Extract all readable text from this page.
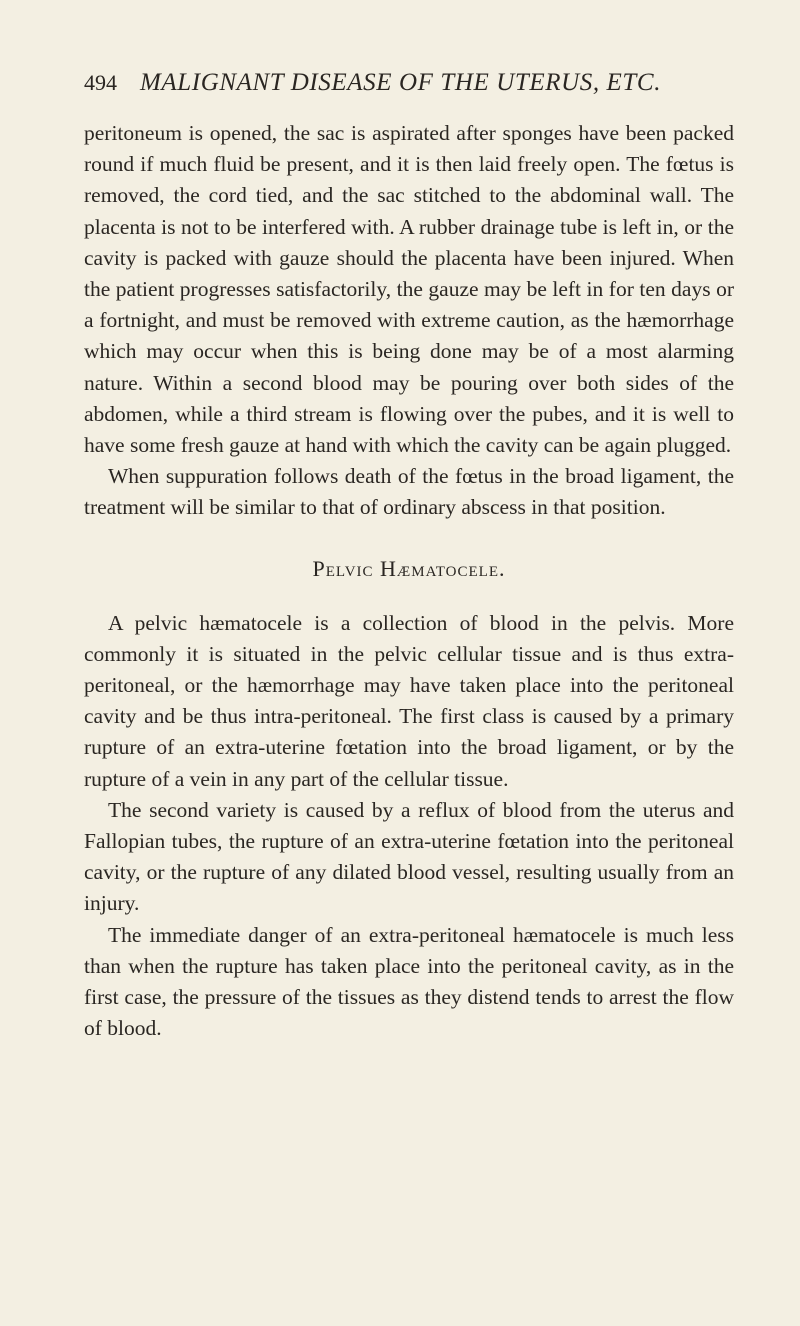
494 MALIGNANT DISEASE OF THE UTERUS, ETC.

peritoneum is opened, the sac is aspirated after sponges have been packed round if much fluid be present, and it is then laid freely open. The fœtus is removed, the cord tied, and the sac stitched to the abdominal wall. The placenta is not to be interfered with. A rubber drainage tube is left in, or the cavity is packed with gauze should the placenta have been injured. When the patient progresses satisfactorily, the gauze may be left in for ten days or a fortnight, and must be removed with extreme caution, as the hæmorrhage which may occur when this is being done may be of a most alarming nature. Within a second blood may be pouring over both sides of the abdomen, while a third stream is flowing over the pubes, and it is well to have some fresh gauze at hand with which the cavity can be again plugged.

When suppuration follows death of the fœtus in the broad ligament, the treatment will be similar to that of ordinary abscess in that position.

Pelvic Hæmatocele.

A pelvic hæmatocele is a collection of blood in the pelvis. More commonly it is situated in the pelvic cellular tissue and is thus extra-peritoneal, or the hæmorrhage may have taken place into the peritoneal cavity and be thus intra-peritoneal. The first class is caused by a primary rupture of an extra-uterine fœtation into the broad ligament, or by the rupture of a vein in any part of the cellular tissue.

The second variety is caused by a reflux of blood from the uterus and Fallopian tubes, the rupture of an extra-uterine fœtation into the peritoneal cavity, or the rupture of any dilated blood vessel, resulting usually from an injury.

The immediate danger of an extra-peritoneal hæmatocele is much less than when the rupture has taken place into the peritoneal cavity, as in the first case, the pressure of the tissues as they distend tends to arrest the flow of blood.
